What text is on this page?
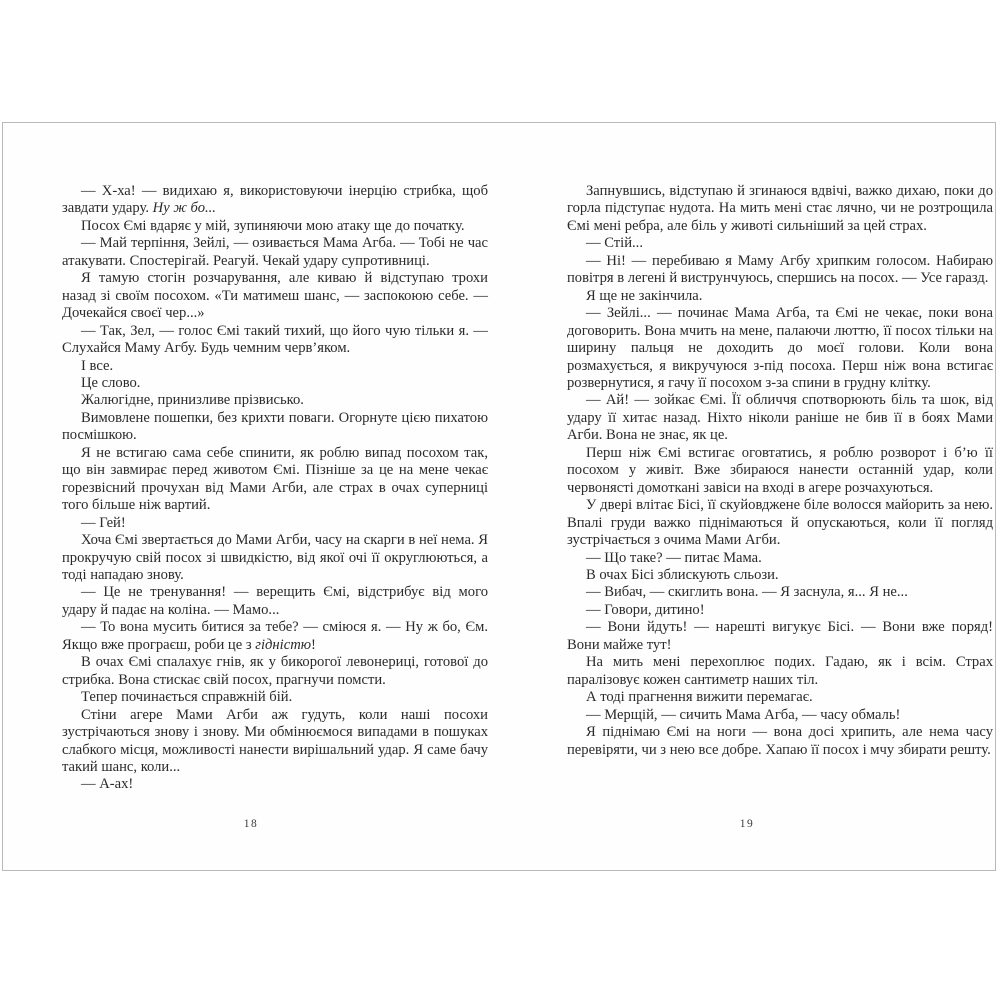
— Х-ха! — видихаю я, використовуючи інерцію стрибка, щоб завдати удару. Ну ж бо...

Посох Ємі вдаряє у мій, зупиняючи мою атаку ще до початку.

— Май терпіння, Зейлі, — озивається Мама Агба. — Тобі не час атакувати. Спостерігай. Реагуй. Чекай удару супротивниці.

Я тамую стогін розчарування, але киваю й відступаю трохи назад зі своїм посохом. «Ти матимеш шанс, — заспокоюю себе. — Дочекайся своєї чер...»

— Так, Зел, — голос Ємі такий тихий, що його чую тільки я. — Слухайся Маму Агбу. Будь чемним черв’яком.

І все.

Це слово.

Жалюгідне, принизливе прізвисько.

Вимовлене пошепки, без крихти поваги. Огорнуте цією пихатою посмішкою.

Я не встигаю сама себе спинити, як роблю випад посохом так, що він завмирає перед животом Ємі. Пізніше за це на мене чекає горезвісний прочухан від Мами Агби, але страх в очах суперниці того більше ніж вартий.

— Гей!

Хоча Ємі звертається до Мами Агби, часу на скарги в неї нема. Я прокручую свій посох зі швидкістю, від якої очі її округлюються, а тоді нападаю знову.

— Це не тренування! — верещить Ємі, відстрибує від мого удару й падає на коліна. — Мамо...

— То вона мусить битися за тебе? — сміюся я. — Ну ж бо, Єм. Якщо вже програєш, роби це з гідністю!

В очах Ємі спалахує гнів, як у бикорогої левонериці, готової до стрибка. Вона стискає свій посох, прагнучи помсти.

Тепер починається справжній бій.

Стіни агере Мами Агби аж гудуть, коли наші посохи зустрічаються знову і знову. Ми обмінюємося випадами в пошуках слабкого місця, можливості нанести вирішальний удар. Я саме бачу такий шанс, коли...

— А-ах!

Запнувшись, відступаю й згинаюся вдвічі, важко дихаю, поки до горла підступає нудота. На мить мені стає лячно, чи не розтрощила Ємі мені ребра, але біль у животі сильніший за цей страх.

— Стій...

— Ні! — перебиваю я Маму Агбу хрипким голосом. Набираю повітря в легені й виструнчуюсь, спершись на посох. — Усе гаразд.

Я ще не закінчила.

— Зейлі... — починає Мама Агба, та Ємі не чекає, поки вона договорить. Вона мчить на мене, палаючи люттю, її посох тільки на ширину пальця не доходить до моєї голови. Коли вона розмахується, я викручуюся з-під посоха. Перш ніж вона встигає розвернутися, я гачу її посохом з-за спини в грудну клітку.

— Ай! — зойкає Ємі. Її обличчя спотворюють біль та шок, від удару її хитає назад. Ніхто ніколи раніше не бив її в боях Мами Агби. Вона не знає, як це.

Перш ніж Ємі встигає оговтатись, я роблю розворот і б’ю її посохом у живіт. Вже збираюся нанести останній удар, коли червонясті домоткані завіси на вході в агере розчахуються.

У двері влітає Бісі, її скуйовджене біле волосся майорить за нею. Впалі груди важко піднімаються й опускаються, коли її погляд зустрічається з очима Мами Агби.

— Що таке? — питає Мама.

В очах Бісі зблискують сльози.

— Вибач, — скиглить вона. — Я заснула, я... Я не...

— Говори, дитино!

— Вони йдуть! — нарешті вигукує Бісі. — Вони вже поряд! Вони майже тут!

На мить мені перехоплює подих. Гадаю, як і всім. Страх паралізовує кожен сантиметр наших тіл.

А тоді прагнення вижити перемагає.

— Мерщій, — сичить Мама Агба, — часу обмаль!

Я піднімаю Ємі на ноги — вона досі хрипить, але нема часу перевіряти, чи з нею все добре. Хапаю її посох і мчу збирати решту.

18	19
